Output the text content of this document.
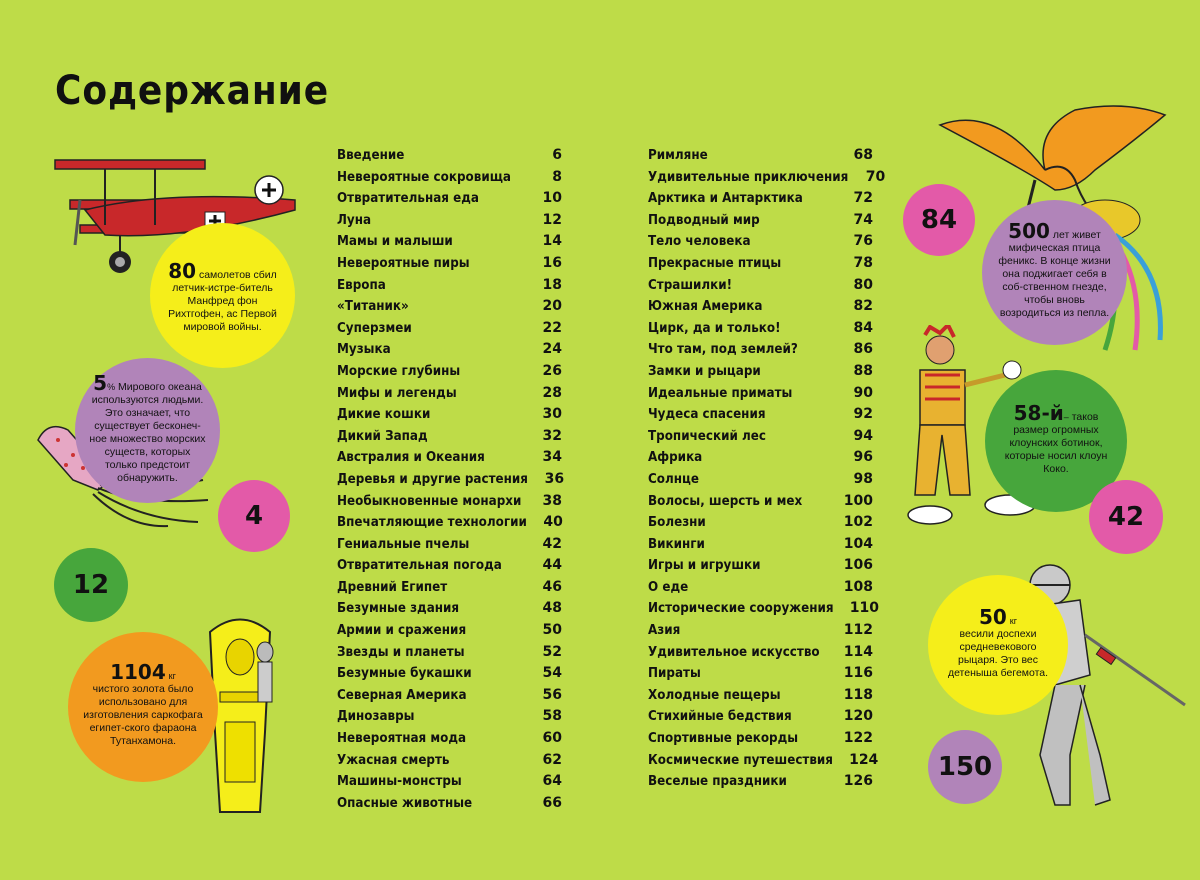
Содержание
Введение	6
Невероятные сокровища	8
Отвратительная еда	10
Луна	12
Мамы и малыши	14
Невероятные пиры	16
Европа	18
«Титаник»	20
Суперзмеи	22
Музыка	24
Морские глубины	26
Мифы и легенды	28
Дикие кошки	30
Дикий Запад	32
Австралия и Океания	34
Деревья и другие растения 36
Необыкновенные монархи 38
Впечатляющие технологии 40
Гениальные пчелы	42
Отвратительная погода	44
Древний Египет	46
Безумные здания	48
Армии и сражения	50
Звезды и планеты	52
Безумные букашки	54
Северная Америка	56
Динозавры	58
Невероятная мода	60
Ужасная смерть	62
Машины-монстры	64
Опасные животные	66
Римляне	68
Удивительные приключения 70
Арктика и Антарктика	72
Подводный мир	74
Тело человека	76
Прекрасные птицы	78
Страшилки!	80
Южная Америка	82
Цирк, да и только!	84
Что там, под землей?	86
Замки и рыцари	88
Идеальные приматы	90
Чудеса спасения	92
Тропический лес	94
Африка	96
Солнце	98
Волосы, шерсть и мех	100
Болезни	102
Викинги	104
Игры и игрушки	106
О еде	108
Исторические сооружения 110
Азия	112
Удивительное искусство 114
Пираты	116
Холодные пещеры	118
Стихийные бедствия	120
Спортивные рекорды	122
Космические путешествия 124
Веселые праздники	126
80 самолетов сбил летчик-истре-битель Манфред фон Рихтгофен, ас Первой мировой войны.
5% Мирового океана используются людьми. Это означает, что существует бесконеч-ное множество морских существ, которых только предстоит обнаружить.
4
12
1104 кг
чистого золота было использовано для изготовления саркофага египет-ского фараона Тутанхамона.
84	500 лет живет мифическая птица феникс. В конце жизни она поджигает себя в соб-ственном гнезде, чтобы вновь возродиться из пепла.
58-й– таков размер огромных клоунских ботинок, которые носил клоун Коко.
42
50 кг
весили доспехи средневекового рыцаря. Это вес детеныша бегемота.
150
